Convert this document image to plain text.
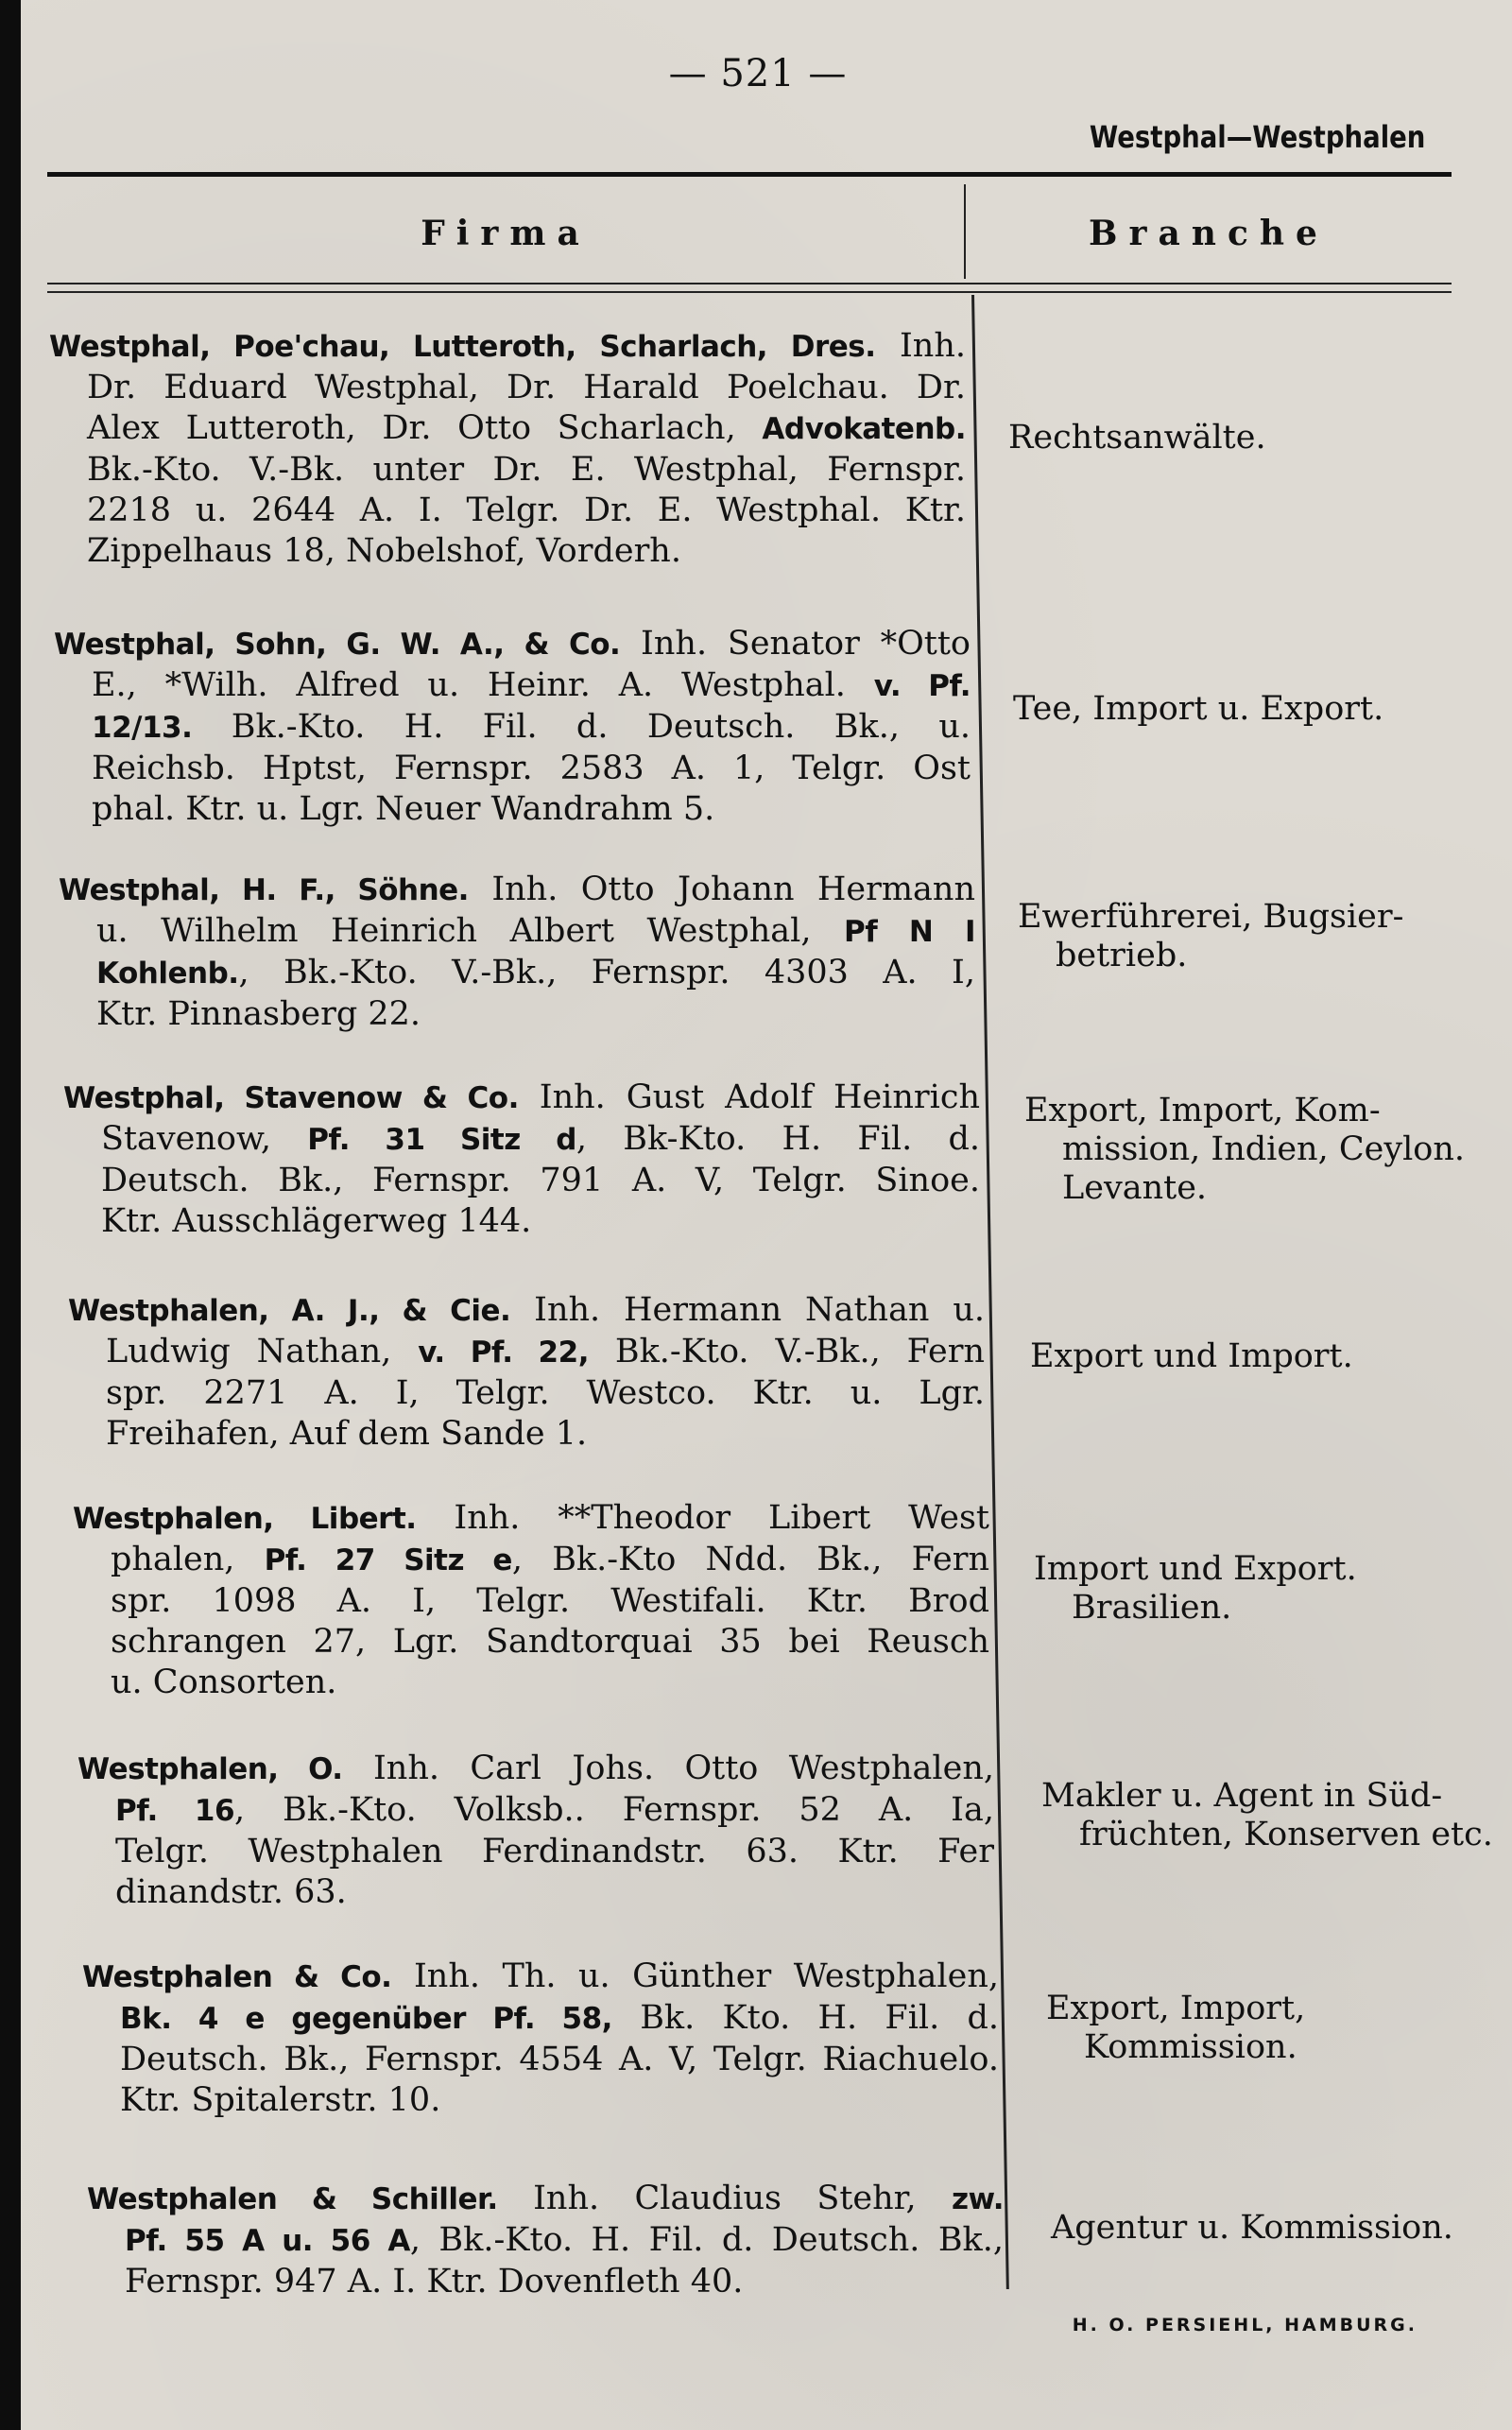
— 521 —
Westphal—Westphalen
Firma	Branche
Westphal, Poe'chau, Lutteroth, Scharlach, Dres. Inh.
Dr. Eduard Westphal, Dr. Harald Poelchau. Dr.
Alex Lutteroth, Dr. Otto Scharlach, Advokatenb.
Bk.-Kto. V.-Bk. unter Dr. E. Westphal, Fernspr.
2218 u. 2644 A. I. Telgr. Dr. E. Westphal. Ktr.
Zippelhaus 18, Nobelshof, Vorderh.
Rechtsanwälte.
Westphal, Sohn, G. W. A., & Co. Inh. Senator *Otto
E., *Wilh. Alfred u. Heinr. A. Westphal. v. Pf.
12/13. Bk.-Kto. H. Fil. d. Deutsch. Bk., u.
Reichsb. Hptst, Fernspr. 2583 A. 1, Telgr. Ost
phal. Ktr. u. Lgr. Neuer Wandrahm 5.
Tee, Import u. Export.
Westphal, H. F., Söhne. Inh. Otto Johann Hermann
u. Wilhelm Heinrich Albert Westphal, Pf N I
Kohlenb., Bk.-Kto. V.-Bk., Fernspr. 4303 A. I,
Ktr. Pinnasberg 22.
Ewerführerei, Bugsier-
betrieb.
Westphal, Stavenow & Co. Inh. Gust Adolf Heinrich
Stavenow, Pf. 31 Sitz d, Bk-Kto. H. Fil. d.
Deutsch. Bk., Fernspr. 791 A. V, Telgr. Sinoe.
Ktr. Ausschlägerweg 144.
Export, Import, Kom-
mission, Indien, Ceylon.
Levante.
Westphalen, A. J., & Cie. Inh. Hermann Nathan u.
Ludwig Nathan, v. Pf. 22, Bk.-Kto. V.-Bk., Fern
spr. 2271 A. I, Telgr. Westco. Ktr. u. Lgr.
Freihafen, Auf dem Sande 1.
Export und Import.
Westphalen, Libert. Inh. **Theodor Libert West
phalen, Pf. 27 Sitz e, Bk.-Kto Ndd. Bk., Fern
spr. 1098 A. I, Telgr. Westifali. Ktr. Brod
schrangen 27, Lgr. Sandtorquai 35 bei Reusch
u. Consorten.
Import und Export.
Brasilien.
Westphalen, O. Inh. Carl Johs. Otto Westphalen,
Pf. 16, Bk.-Kto. Volksb.. Fernspr. 52 A. Ia,
Telgr. Westphalen Ferdinandstr. 63. Ktr. Fer
dinandstr. 63.
Makler u. Agent in Süd-
früchten, Konserven etc.
Westphalen & Co. Inh. Th. u. Günther Westphalen,
Bk. 4 e gegenüber Pf. 58, Bk. Kto. H. Fil. d.
Deutsch. Bk., Fernspr. 4554 A. V, Telgr. Riachuelo.
Ktr. Spitalerstr. 10.
Export, Import,
Kommission.
Westphalen & Schiller. Inh. Claudius Stehr, zw.
Pf. 55 A u. 56 A, Bk.-Kto. H. Fil. d. Deutsch. Bk.,
Fernspr. 947 A. I. Ktr. Dovenfleth 40.
Agentur u. Kommission.
H. O. PERSIEHL, HAMBURG.
